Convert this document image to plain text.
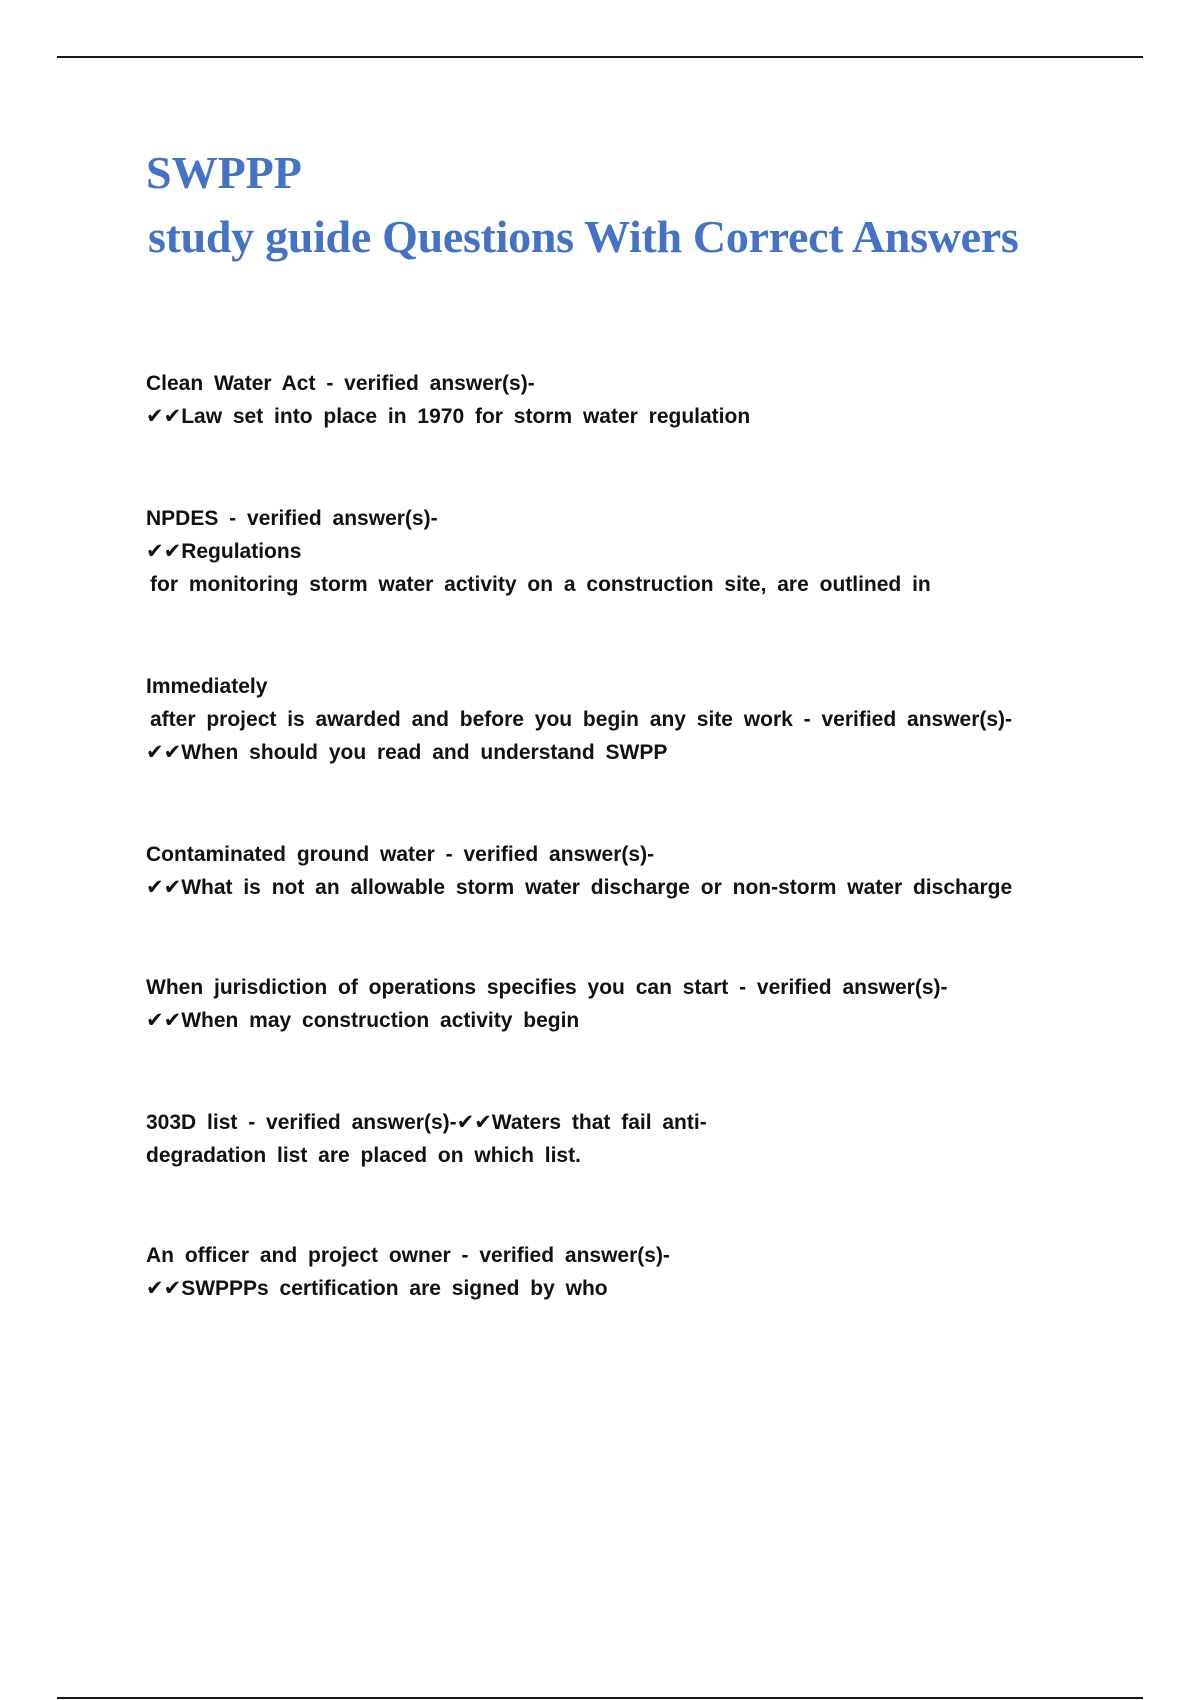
SWPPP
study guide Questions With Correct Answers
Clean Water Act - verified answer(s)-
✔✔Law set into place in 1970 for storm water regulation
NPDES - verified answer(s)-
✔✔Regulations
for monitoring storm water activity on a construction site, are outlined in
Immediately
after project is awarded and before you begin any site work - verified answer(s)-
✔✔When should you read and understand SWPP
Contaminated ground water - verified answer(s)-
✔✔What is not an allowable storm water discharge or non-storm water discharge
When jurisdiction of operations specifies you can start - verified answer(s)-
✔✔When may construction activity begin
303D list - verified answer(s)-✔✔Waters that fail anti-
degradation list are placed on which list.
An officer and project owner - verified answer(s)-
✔✔SWPPPs certification are signed by who
